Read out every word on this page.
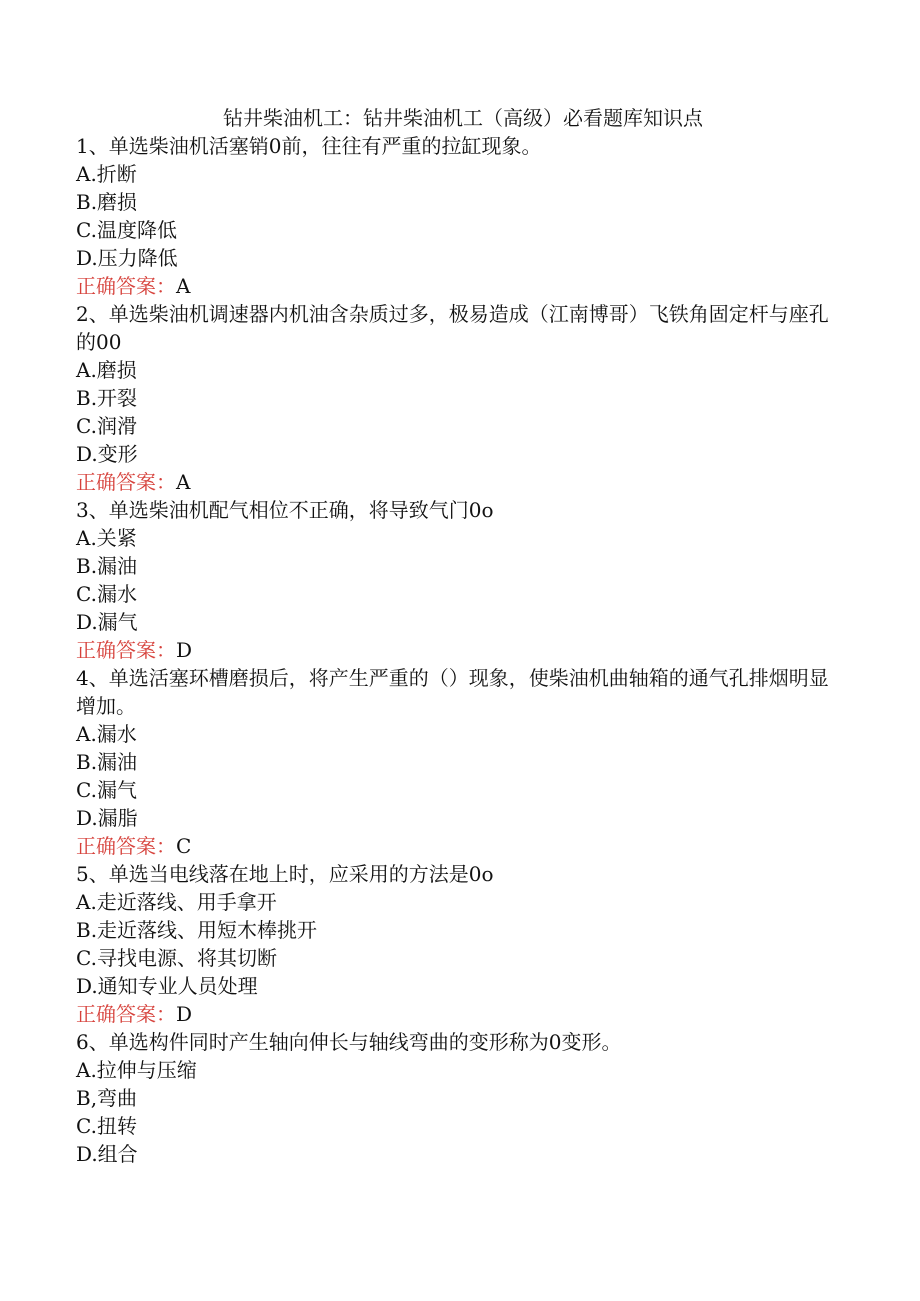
钻井柴油机工：钻井柴油机工（高级）必看题库知识点
1、单选柴油机活塞销0前，往往有严重的拉缸现象。
A.折断
B.磨损
C.温度降低
D.压力降低
正确答案：A
2、单选柴油机调速器内机油含杂质过多，极易造成（江南博哥）飞铁角固定杆与座孔的00
A.磨损
B.开裂
C.润滑
D.变形
正确答案：A
3、单选柴油机配气相位不正确，将导致气门0o
A.关紧
B.漏油
C.漏水
D.漏气
正确答案：D
4、单选活塞环槽磨损后，将产生严重的（）现象，使柴油机曲轴箱的通气孔排烟明显增加。
A.漏水
B.漏油
C.漏气
D.漏脂
正确答案：C
5、单选当电线落在地上时，应采用的方法是0o
A.走近落线、用手拿开
B.走近落线、用短木棒挑开
C.寻找电源、将其切断
D.通知专业人员处理
正确答案：D
6、单选构件同时产生轴向伸长与轴线弯曲的变形称为0变形。
A.拉伸与压缩
B,弯曲
C.扭转
D.组合
